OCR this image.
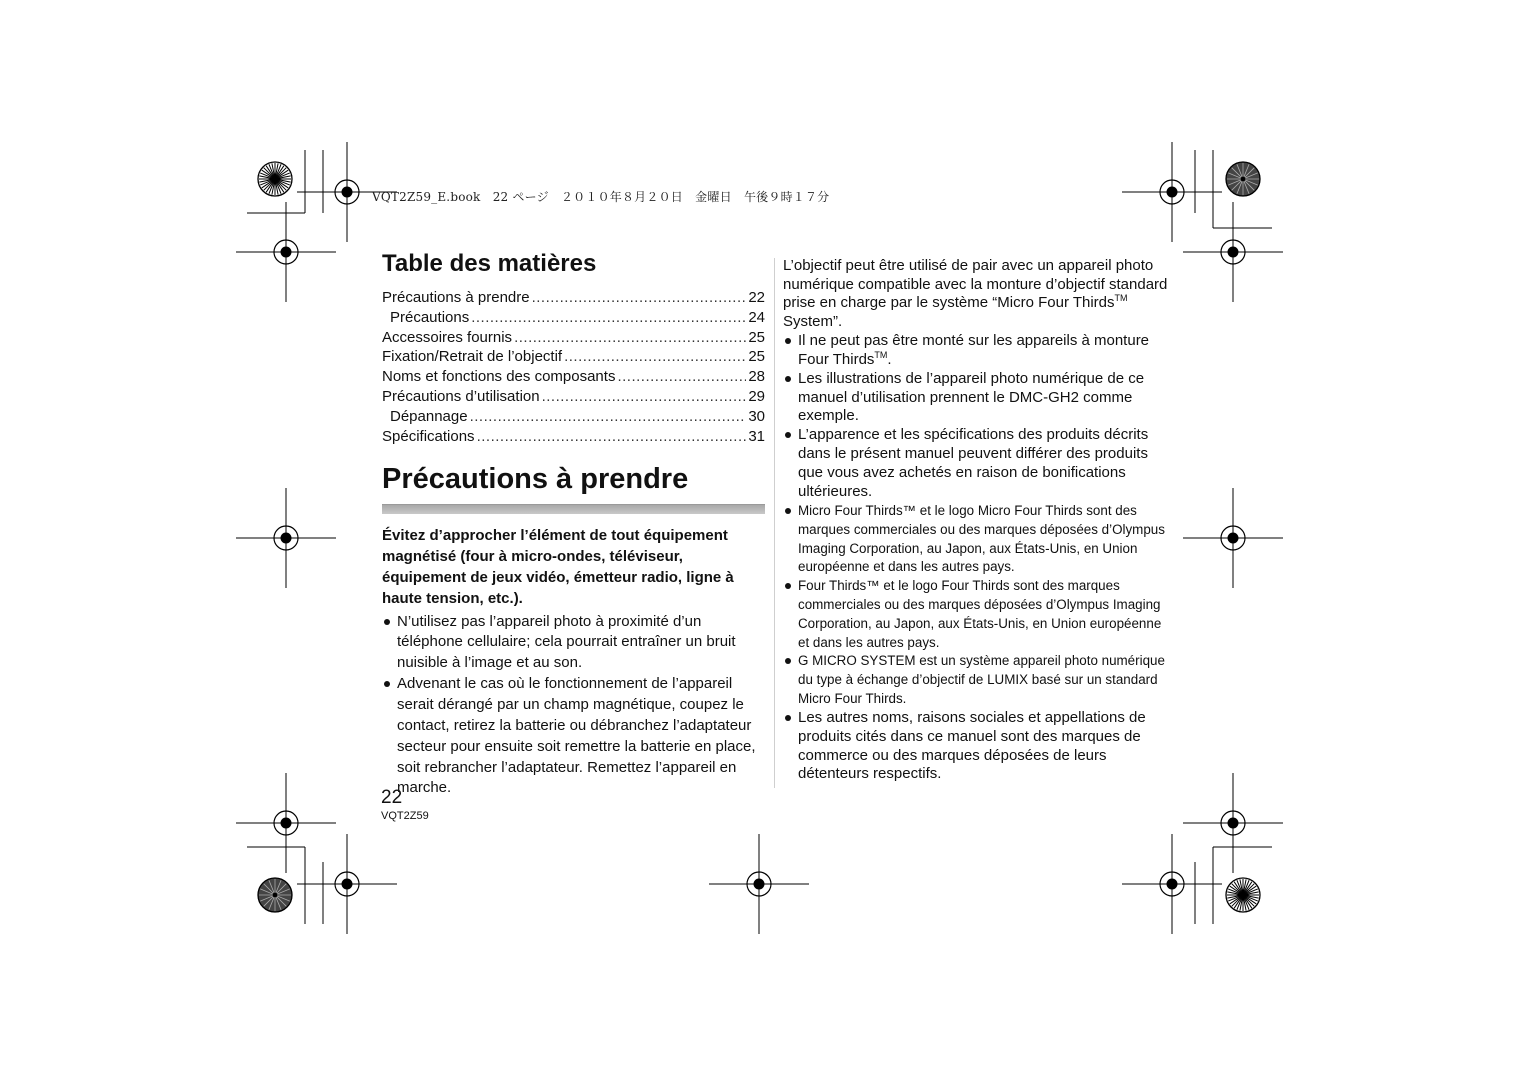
VQT2Z59_E.book　22 ページ　２０１０年８月２０日　金曜日　午後９時１７分
Table des matières
Précautions à prendre .....	22
Précautions .....	24
Accessoires fournis .....	25
Fixation/Retrait de l’objectif .....	25
Noms et fonctions des composants .....	28
Précautions d’utilisation .....	29
Dépannage .....	30
Spécifications .....	31
Précautions à prendre

Évitez d’approcher l’élément de tout équipement magnétisé (four à micro-ondes, téléviseur, équipement de jeux vidéo, émetteur radio, ligne à haute tension, etc.).

N’utilisez pas l’appareil photo à proximité d’un téléphone cellulaire; cela pourrait entraîner un bruit nuisible à l’image et au son.
Advenant le cas où le fonctionnement de l’appareil serait dérangé par un champ magnétique, coupez le contact, retirez la batterie ou débranchez l’adaptateur secteur pour ensuite soit remettre la batterie en place, soit rebrancher l’adaptateur. Remettez l’appareil en marche.

L’objectif peut être utilisé de pair avec un appareil photo numérique compatible avec la monture d’objectif standard prise en charge par le système “Micro Four Thirds™ System”.

Il ne peut pas être monté sur les appareils à monture Four Thirds™.
Les illustrations de l’appareil photo numérique de ce manuel d’utilisation prennent le DMC-GH2 comme exemple.
L’apparence et les spécifications des produits décrits dans le présent manuel peuvent différer des produits que vous avez achetés en raison de bonifications ultérieures.
Micro Four Thirds™ et le logo Micro Four Thirds sont des marques commerciales ou des marques déposées d’Olympus Imaging Corporation, au Japon, aux États-Unis, en Union européenne et dans les autres pays.
Four Thirds™ et le logo Four Thirds sont des marques commerciales ou des marques déposées d’Olympus Imaging Corporation, au Japon, aux États-Unis, en Union européenne et dans les autres pays.
G MICRO SYSTEM est un système appareil photo numérique du type à échange d’objectif de LUMIX basé sur un standard Micro Four Thirds.
Les autres noms, raisons sociales et appellations de produits cités dans ce manuel sont des marques de commerce ou des marques déposées de leurs détenteurs respectifs.
22
VQT2Z59
